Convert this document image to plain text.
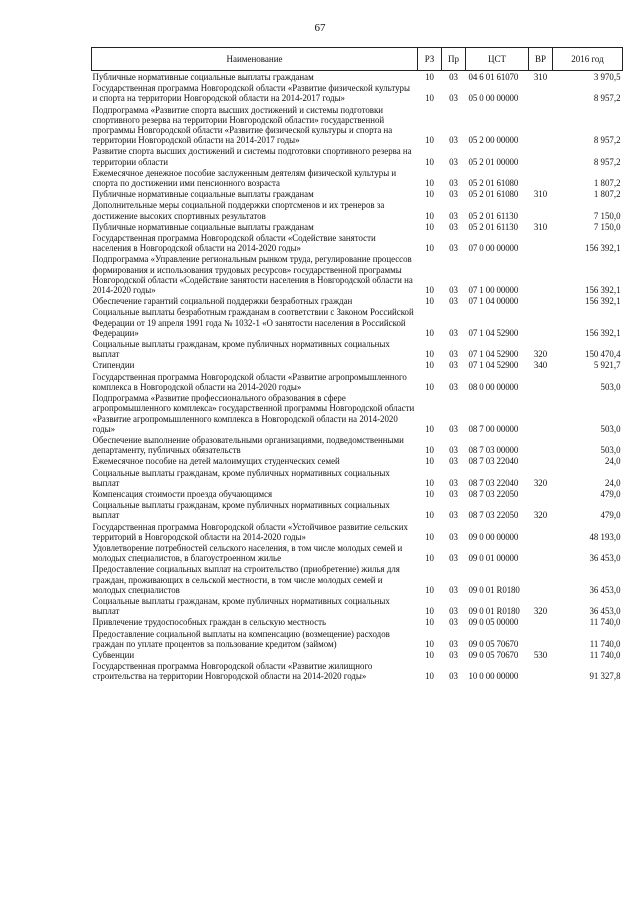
67
Наименование	РЗ	Пр	ЦСТ	ВР	2016 год
Публичные нормативные социальные выплаты гражданам	10	03	04 6 01 61070	310	3 970,5
Государственная программа Новгородской области «Развитие физической культуры и спорта на территории Новгородской области на 2014-2017 годы»	10	03	05 0 00 00000		8 957,2
Подпрограмма «Развитие спорта высших достижений и системы подготовки спортивного резерва на территории Новгородской области» государственной программы Новгородской области «Развитие физической культуры и спорта на территории Новгородской области на 2014-2017 годы»	10	03	05 2 00 00000		8 957,2
Развитие спорта высших достижений и системы подготовки спортивного резерва на территории области	10	03	05 2 01 00000		8 957,2
Ежемесячное денежное пособие заслуженным деятелям физической культуры и спорта по достижении ими пенсионного возраста	10	03	05 2 01 61080		1 807,2
Публичные нормативные социальные выплаты гражданам	10	03	05 2 01 61080	310	1 807,2
Дополнительные меры социальной поддержки спортсменов и их тренеров за достижение высоких спортивных результатов	10	03	05 2 01 61130		7 150,0
Публичные нормативные социальные выплаты гражданам	10	03	05 2 01 61130	310	7 150,0
Государственная программа Новгородской области «Содействие занятости населения в Новгородской области на 2014-2020 годы»	10	03	07 0 00 00000		156 392,1
Подпрограмма «Управление региональным рынком труда, регулирование процессов формирования и использования трудовых ресурсов» государственной программы Новгородской области «Содействие занятости населения в Новгородской области на 2014-2020 годы»	10	03	07 1 00 00000		156 392,1
Обеспечение гарантий социальной поддержки безработных граждан	10	03	07 1 04 00000		156 392,1
Социальные выплаты безработным гражданам в соответствии с Законом Российской Федерации от 19 апреля 1991 года № 1032-1 «О занятости населения в Российской Федерации»	10	03	07 1 04 52900		156 392,1
Социальные выплаты гражданам, кроме публичных нормативных социальных выплат	10	03	07 1 04 52900	320	150 470,4
Стипендии	10	03	07 1 04 52900	340	5 921,7
Государственная программа Новгородской области «Развитие агропромышленного комплекса в Новгородской области на 2014-2020 годы»	10	03	08 0 00 00000		503,0
Подпрограмма «Развитие профессионального образования в сфере агропромышленного комплекса» государственной программы Новгородской области «Развитие агропромышленного комплекса в Новгородской области на 2014-2020 годы»	10	03	08 7 00 00000		503,0
Обеспечение выполнение образовательными организациями, подведомственными департаменту, публичных обязательств	10	03	08 7 03 00000		503,0
Ежемесячное пособие на детей малоимущих студенческих семей	10	03	08 7 03 22040		24,0
Социальные выплаты гражданам, кроме публичных нормативных социальных выплат	10	03	08 7 03 22040	320	24,0
Компенсация стоимости проезда обучающимся	10	03	08 7 03 22050		479,0
Социальные выплаты гражданам, кроме публичных нормативных социальных выплат	10	03	08 7 03 22050	320	479,0
Государственная программа Новгородской области «Устойчивое развитие сельских территорий в Новгородской области на 2014-2020 годы»	10	03	09 0 00 00000		48 193,0
Удовлетворение потребностей сельского населения, в том числе молодых семей и молодых специалистов, в благоустроенном жилье	10	03	09 0 01 00000		36 453,0
Предоставление социальных выплат на строительство (приобретение) жилья для граждан, проживающих в сельской местности, в том числе молодых семей и молодых специалистов	10	03	09 0 01 R0180		36 453,0
Социальные выплаты гражданам, кроме публичных нормативных социальных выплат	10	03	09 0 01 R0180	320	36 453,0
Привлечение трудоспособных граждан в сельскую местность	10	03	09 0 05 00000		11 740,0
Предоставление социальной выплаты на компенсацию (возмещение) расходов граждан по уплате процентов за пользование кредитом (займом)	10	03	09 0 05 70670		11 740,0
Субвенции	10	03	09 0 05 70670	530	11 740,0
Государственная программа Новгородской области «Развитие жилищного строительства на территории Новгородской области на 2014-2020 годы»	10	03	10 0 00 00000		91 327,8
